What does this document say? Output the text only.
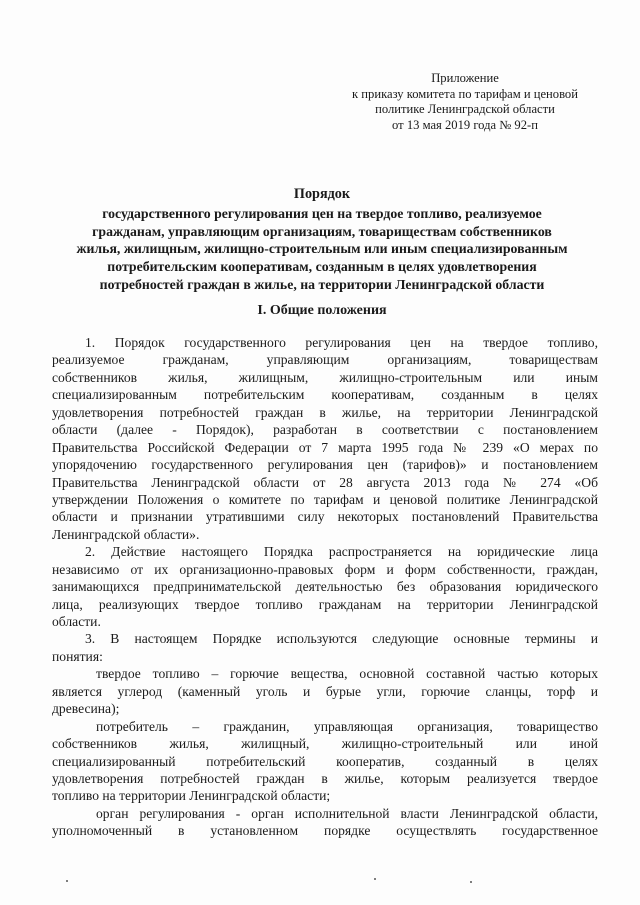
Приложение
к приказу комитета по тарифам и ценовой
политике Ленинградской области
от 13 мая 2019 года № 92-п
Порядок
государственного регулирования цен на твердое топливо, реализуемое
гражданам, управляющим организациям, товариществам собственников
жилья, жилищным, жилищно-строительным или иным специализированным
потребительским кооперативам, созданным в целях удовлетворения
потребностей граждан в жилье, на территории Ленинградской области
I. Общие положения
1. Порядок государственного регулирования цен на твердое топливо,
реализуемое гражданам, управляющим организациям, товариществам
собственников жилья, жилищным, жилищно-строительным или иным
специализированным потребительским кооперативам, созданным в целях
удовлетворения потребностей граждан в жилье, на территории Ленинградской
области (далее - Порядок), разработан в соответствии с постановлением
Правительства Российской Федерации от 7 марта 1995 года № 239 «О мерах по
упорядочению государственного регулирования цен (тарифов)» и постановлением
Правительства Ленинградской области от 28 августа 2013 года № 274 «Об
утверждении Положения о комитете по тарифам и ценовой политике Ленинградской
области и признании утратившими силу некоторых постановлений Правительства
Ленинградской области».
2. Действие настоящего Порядка распространяется на юридические лица
независимо от их организационно-правовых форм и форм собственности, граждан,
занимающихся предпринимательской деятельностью без образования юридического
лица, реализующих твердое топливо гражданам на территории Ленинградской
области.
3. В настоящем Порядке используются следующие основные термины и
понятия:
твердое топливо – горючие вещества, основной составной частью которых
является углерод (каменный уголь и бурые угли, горючие сланцы, торф и
древесина);
потребитель – гражданин, управляющая организация, товарищество
собственников жилья, жилищный, жилищно-строительный или иной
специализированный потребительский кооператив, созданный в целях
удовлетворения потребностей граждан в жилье, которым реализуется твердое
топливо на территории Ленинградской области;
орган регулирования - орган исполнительной власти Ленинградской области,
уполномоченный в установленном порядке осуществлять государственное
